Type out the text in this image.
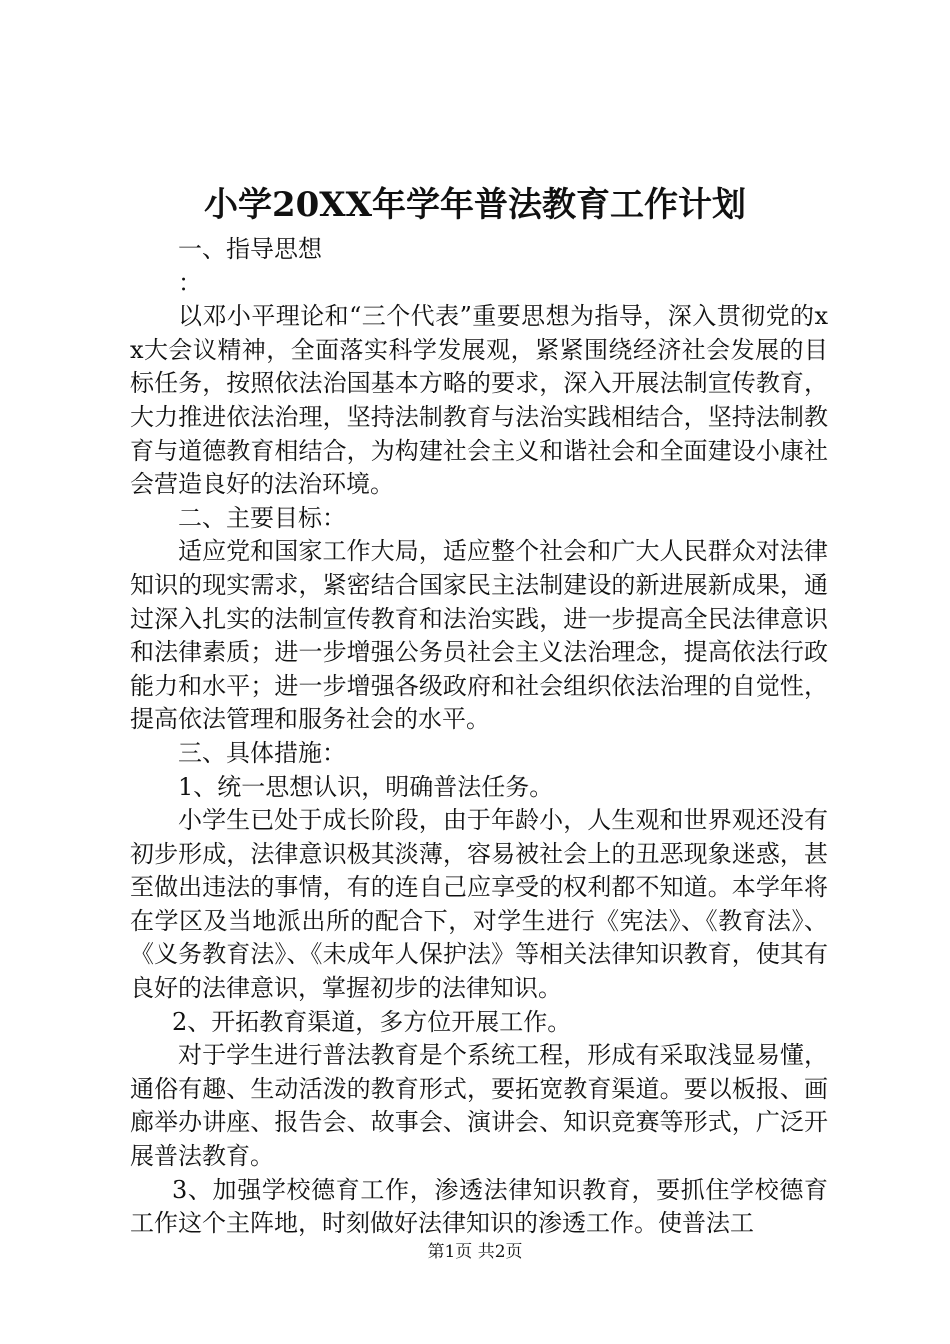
小学20XX年学年普法教育工作计划

一、指导思想

：

以邓小平理论和“三个代表”重要思想为指导，深入贯彻党的xx大会议精神，全面落实科学发展观，紧紧围绕经济社会发展的目标任务，按照依法治国基本方略的要求，深入开展法制宣传教育，大力推进依法治理，坚持法制教育与法治实践相结合，坚持法制教育与道德教育相结合，为构建社会主义和谐社会和全面建设小康社会营造良好的法治环境。

二、主要目标：

适应党和国家工作大局，适应整个社会和广大人民群众对法律知识的现实需求，紧密结合国家民主法制建设的新进展新成果，通过深入扎实的法制宣传教育和法治实践，进一步提高全民法律意识和法律素质；进一步增强公务员社会主义法治理念，提高依法行政能力和水平；进一步增强各级政府和社会组织依法治理的自觉性，提高依法管理和服务社会的水平。

三、具体措施：

1、统一思想认识，明确普法任务。

小学生已处于成长阶段，由于年龄小，人生观和世界观还没有初步形成，法律意识极其淡薄，容易被社会上的丑恶现象迷惑，甚至做出违法的事情，有的连自己应享受的权利都不知道。本学年将在学区及当地派出所的配合下，对学生进行《宪法》、《教育法》、《义务教育法》、《未成年人保护法》等相关法律知识教育，使其有良好的法律意识，掌握初步的法律知识。

2、开拓教育渠道，多方位开展工作。

对于学生进行普法教育是个系统工程，形成有采取浅显易懂，通俗有趣、生动活泼的教育形式，要拓宽教育渠道。要以板报、画廊举办讲座、报告会、故事会、演讲会、知识竞赛等形式，广泛开展普法教育。

3、加强学校德育工作，渗透法律知识教育，要抓住学校德育工作这个主阵地，时刻做好法律知识的渗透工作。使普法工

第1页 共2页
